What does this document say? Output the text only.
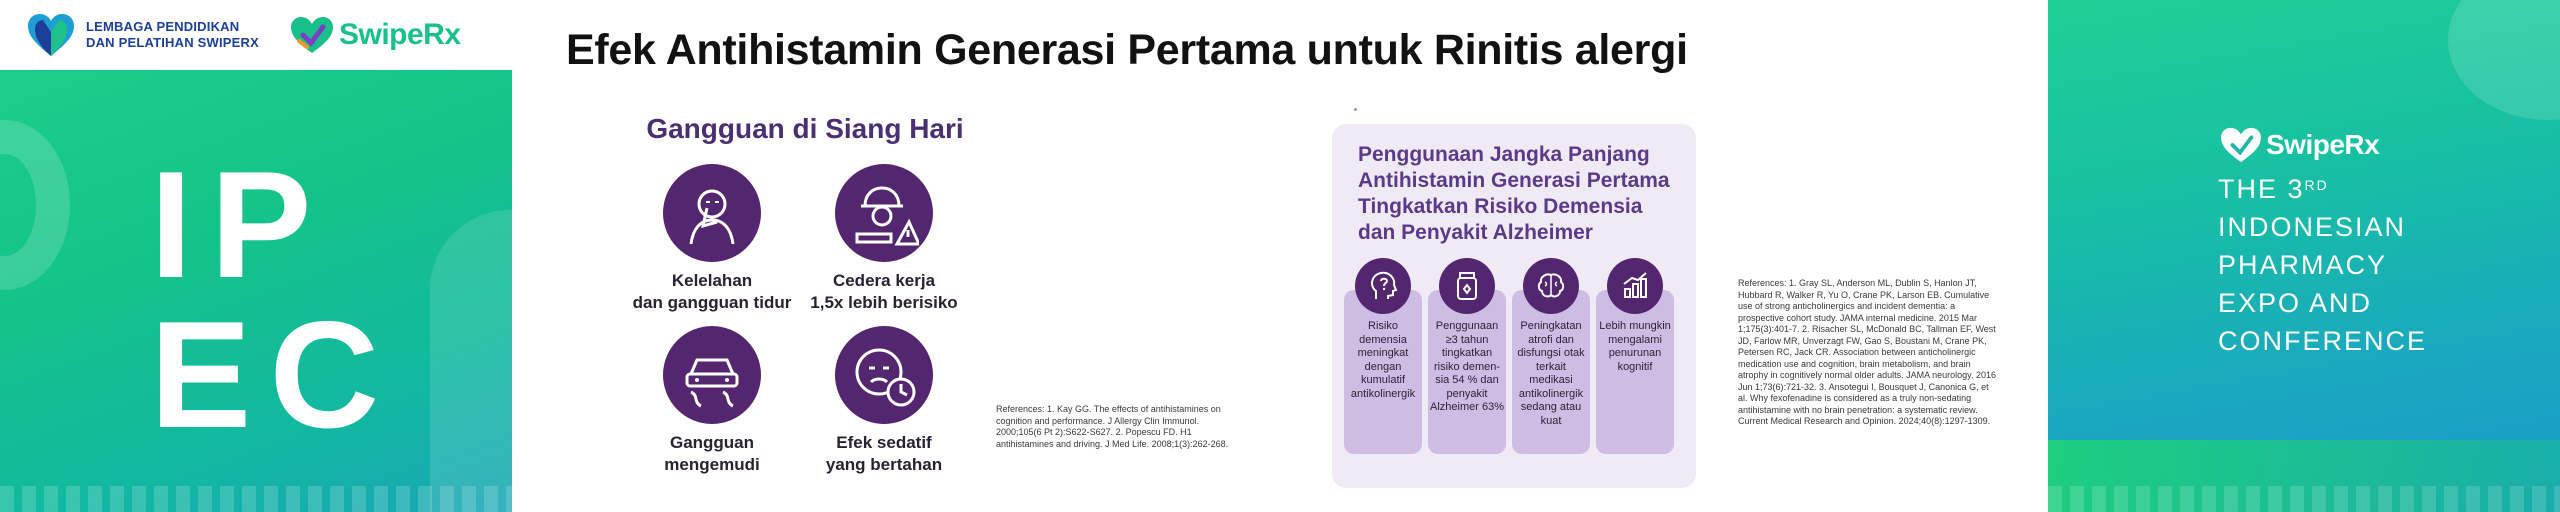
LEMBAGA PENDIDIKAN
DAN PELATIHAN SWIPERX	SwipeRx
IP
EC
Efek Antihistamin Generasi Pertama untuk Rinitis alergi
Gangguan di Siang Hari
Kelelahan
dan gangguan tidur
Cedera kerja
1,5x lebih berisiko
Gangguan
mengemudi
Efek sedatif
yang bertahan
References: 1. Kay GG. The effects of antihistamines on cognition and performance. J Allergy Clin Immunol. 2000;105(6 Pt 2):S622-S627. 2. Popescu FD. H1 antihistamines and driving. J Med Life. 2008;1(3):262-268.
Penggunaan Jangka Panjang Antihistamin Generasi Pertama Tingkatkan Risiko Demensia dan Penyakit Alzheimer
Risiko demensia meningkat dengan kumulatif antikolinergik
Penggunaan ≥3 tahun tingkatkan risiko demen-sia 54 % dan penyakit Alzheimer 63%
Peningkatan atrofi dan disfungsi otak terkait medikasi antikolinergik sedang atau kuat
Lebih mungkin mengalami penurunan kognitif
References: 1. Gray SL, Anderson ML, Dublin S, Hanlon JT, Hubbard R, Walker R, Yu O, Crane PK, Larson EB. Cumulative use of strong anticholinergics and incident dementia: a prospective cohort study. JAMA internal medicine. 2015 Mar 1;175(3):401-7. 2. Risacher SL, McDonald BC, Tallman EF, West JD, Farlow MR, Unverzagt FW, Gao S, Boustani M, Crane PK, Petersen RC, Jack CR. Association between anticholinergic medication use and cognition, brain metabolism, and brain atrophy in cognitively normal older adults. JAMA neurology. 2016 Jun 1;73(6):721-32. 3. Ansotegui I, Bousquet J, Canonica G, et al. Why fexofenadine is considered as a truly non-sedating antihistamine with no brain penetration: a systematic review. Current Medical Research and Opinion. 2024;40(8):1297-1309.
SwipeRx
THE 3RD
INDONESIAN
PHARMACY
EXPO AND
CONFERENCE
